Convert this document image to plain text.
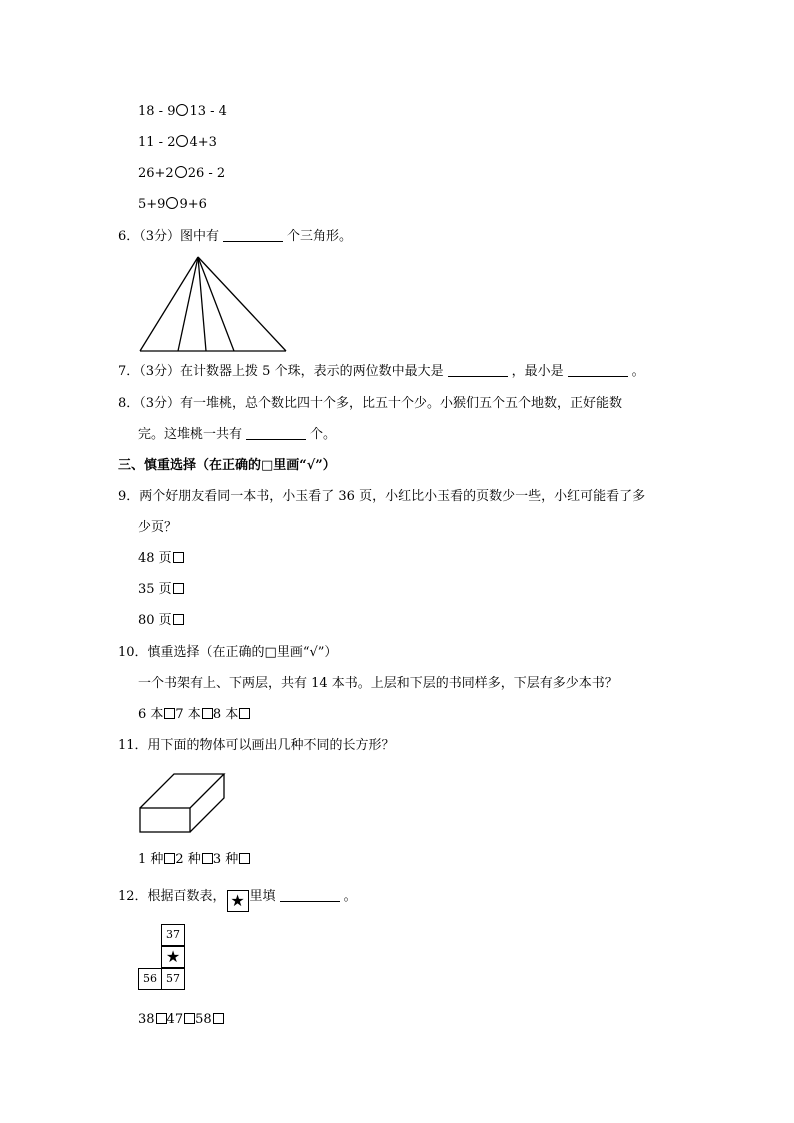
18 - 9 13 - 4
11 - 2 4+3
26+2 26 - 2
5+9 9+6
6．（3分）图中有	个三角形。
7．（3分）在计数器上拨 5 个珠，表示的两位数中最大是	，最小是	。
8．（3分）有一堆桃，总个数比四十个多，比五十个少。小猴们五个五个地数，正好能数
完。这堆桃一共有	个。
三、慎重选择（在正确的□里画“√”）
9．两个好朋友看同一本书，小玉看了 36 页，小红比小玉看的页数少一些，小红可能看了多
少页？
48 页
35 页
80 页
10．慎重选择（在正确的□里画“√”）
一个书架有上、下两层，共有 14 本书。上层和下层的书同样多，下层有多少本书？
6 本 7 本 8 本
11．用下面的物体可以画出几种不同的长方形？
1 种 2 种 3 种
12．根据百数表， ★ 里填	。
37
★
56 57
38 47 58
